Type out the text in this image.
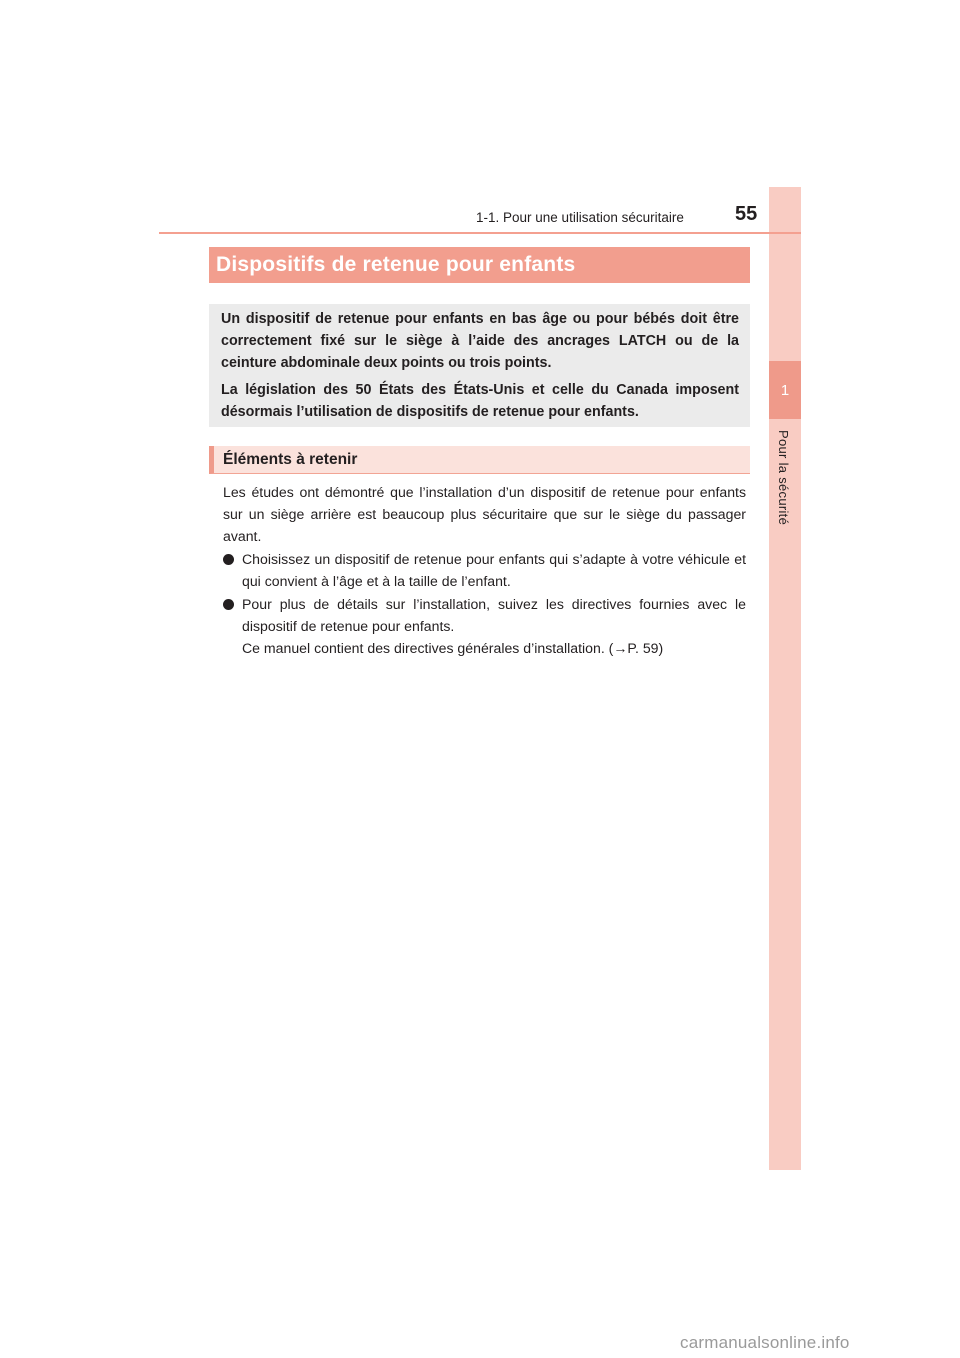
1
Pour la sécurité
1-1. Pour une utilisation sécuritaire	55
Dispositifs de retenue pour enfants

Un dispositif de retenue pour enfants en bas âge ou pour bébés doit être correctement fixé sur le siège à l’aide des ancrages LATCH ou de la ceinture abdominale deux points ou trois points.

La législation des 50 États des États-Unis et celle du Canada imposent désormais l’utilisation de dispositifs de retenue pour enfants.

Éléments à retenir

Les études ont démontré que l’installation d’un dispositif de retenue pour enfants sur un siège arrière est beaucoup plus sécuritaire que sur le siège du passager avant.

Choisissez un dispositif de retenue pour enfants qui s’adapte à votre véhicule et qui convient à l’âge et à la taille de l’enfant.

Pour plus de détails sur l’installation, suivez les directives fournies avec le dispositif de retenue pour enfants.

Ce manuel contient des directives générales d’installation. (→P. 59)

carmanualsonline.info
